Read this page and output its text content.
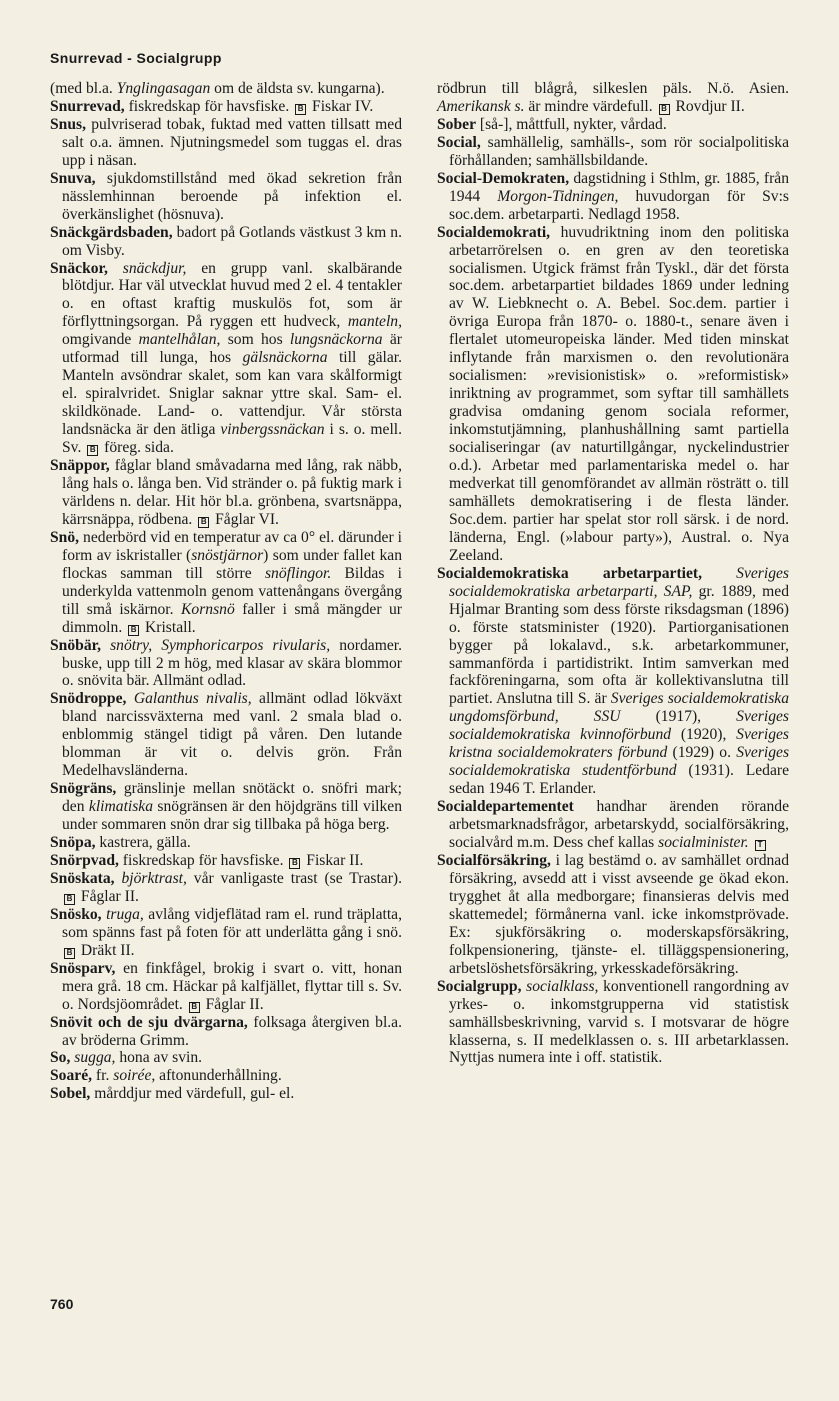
Snurrevad - Socialgrupp

(med bl.a. Ynglingasagan om de äldsta sv. kungarna).

Snurrevad, fiskredskap för havsfiske. B Fiskar IV.

Snus, pulvriserad tobak, fuktad med vatten tillsatt med salt o.a. ämnen. Njutningsmedel som tuggas el. dras upp i näsan.

Snuva, sjukdomstillstånd med ökad sekretion från nässlemhinnan beroende på infektion el. överkänslighet (hösnuva).

Snäckgärdsbaden, badort på Gotlands västkust 3 km n. om Visby.

Snäckor, snäckdjur, en grupp vanl. skalbärande blötdjur. Har väl utvecklat huvud med 2 el. 4 tentakler o. en oftast kraftig muskulös fot, som är förflyttningsorgan. På ryggen ett hudveck, manteln, omgivande mantelhålan, som hos lungsnäckorna är utformad till lunga, hos gälsnäckorna till gälar. Manteln avsöndrar skalet, som kan vara skålformigt el. spiralvridet. Sniglar saknar yttre skal. Sam- el. skildkönade. Land- o. vattendjur. Vår största landsnäcka är den ätliga vinbergssnäckan i s. o. mell. Sv. B föreg. sida.

Snäppor, fåglar bland småvadarna med lång, rak näbb, lång hals o. långa ben. Vid stränder o. på fuktig mark i världens n. delar. Hit hör bl.a. grönbena, svartsnäppa, kärrsnäppa, rödbena. B Fåglar VI.

Snö, nederbörd vid en temperatur av ca 0° el. därunder i form av iskristaller (snöstjärnor) som under fallet kan flockas samman till större snöflingor. Bildas i underkylda vattenmoln genom vattenångans övergång till små iskärnor. Kornsnö faller i små mängder ur dimmoln. B Kristall.

Snöbär, snötry, Symphoricarpos rivularis, nordamer. buske, upp till 2 m hög, med klasar av skära blommor o. snövita bär. Allmänt odlad.

Snödroppe, Galanthus nivalis, allmänt odlad lökväxt bland narcissväxterna med vanl. 2 smala blad o. enblommig stängel tidigt på våren. Den lutande blomman är vit o. delvis grön. Från Medelhavsländerna.

Snögräns, gränslinje mellan snötäckt o. snöfri mark; den klimatiska snögränsen är den höjdgräns till vilken under sommaren snön drar sig tillbaka på höga berg.

Snöpa, kastrera, gälla.

Snörpvad, fiskredskap för havsfiske. B Fiskar II.

Snöskata, björktrast, vår vanligaste trast (se Trastar). B Fåglar II.

Snösko, truga, avlång vidjeflätad ram el. rund träplatta, som spänns fast på foten för att underlätta gång i snö. B Dräkt II.

Snösparv, en finkfågel, brokig i svart o. vitt, honan mera grå. 18 cm. Häckar på kalfjället, flyttar till s. Sv. o. Nordsjöområdet. B Fåglar II.

Snövit och de sju dvärgarna, folksaga återgiven bl.a. av bröderna Grimm.

So, sugga, hona av svin.

Soaré, fr. soirée, aftonunderhållning.

Sobel, mårddjur med värdefull, gul- el.

rödbrun till blågrå, silkeslen päls. N.ö. Asien. Amerikansk s. är mindre värdefull. B Rovdjur II.

Sober [så-], måttfull, nykter, vårdad.

Social, samhällelig, samhälls-, som rör socialpolitiska förhållanden; samhällsbildande.

Social-Demokraten, dagstidning i Sthlm, gr. 1885, från 1944 Morgon-Tidningen, huvudorgan för Sv:s soc.dem. arbetarparti. Nedlagd 1958.

Socialdemokrati, huvudriktning inom den politiska arbetarrörelsen o. en gren av den teoretiska socialismen. Utgick främst från Tyskl., där det första soc.dem. arbetarpartiet bildades 1869 under ledning av W. Liebknecht o. A. Bebel. Soc.dem. partier i övriga Europa från 1870- o. 1880-t., senare även i flertalet utomeuropeiska länder. Med tiden minskat inflytande från marxismen o. den revolutionära socialismen: »revisionistisk» o. »reformistisk» inriktning av programmet, som syftar till samhällets gradvisa omdaning genom sociala reformer, inkomstutjämning, planhushållning samt partiella socialiseringar (av naturtillgångar, nyckelindustrier o.d.). Arbetar med parlamentariska medel o. har medverkat till genomförandet av allmän rösträtt o. till samhällets demokratisering i de flesta länder. Soc.dem. partier har spelat stor roll särsk. i de nord. länderna, Engl. (»labour party»), Austral. o. Nya Zeeland.

Socialdemokratiska arbetarpartiet, Sveriges socialdemokratiska arbetarparti, SAP, gr. 1889, med Hjalmar Branting som dess förste riksdagsman (1896) o. förste statsminister (1920). Partiorganisationen bygger på lokalavd., s.k. arbetarkommuner, sammanförda i partidistrikt. Intim samverkan med fackföreningarna, som ofta är kollektivanslutna till partiet. Anslutna till S. är Sveriges socialdemokratiska ungdomsförbund, SSU (1917), Sveriges socialdemokratiska kvinnoförbund (1920), Sveriges kristna socialdemokraters förbund (1929) o. Sveriges socialdemokratiska studentförbund (1931). Ledare sedan 1946 T. Erlander.

Socialdepartementet handhar ärenden rörande arbetsmarknadsfrågor, arbetarskydd, socialförsäkring, socialvård m.m. Dess chef kallas socialminister. T

Socialförsäkring, i lag bestämd o. av samhället ordnad försäkring, avsedd att i visst avseende ge ökad ekon. trygghet åt alla medborgare; finansieras delvis med skattemedel; förmånerna vanl. icke inkomstprövade. Ex: sjukförsäkring o. moderskapsförsäkring, folkpensionering, tjänste- el. tilläggspensionering, arbetslöshetsförsäkring, yrkesskadeförsäkring.

Socialgrupp, socialklass, konventionell rangordning av yrkes- o. inkomstgrupperna vid statistisk samhällsbeskrivning, varvid s. I motsvarar de högre klasserna, s. II medelklassen o. s. III arbetarklassen. Nyttjas numera inte i off. statistik.

760
